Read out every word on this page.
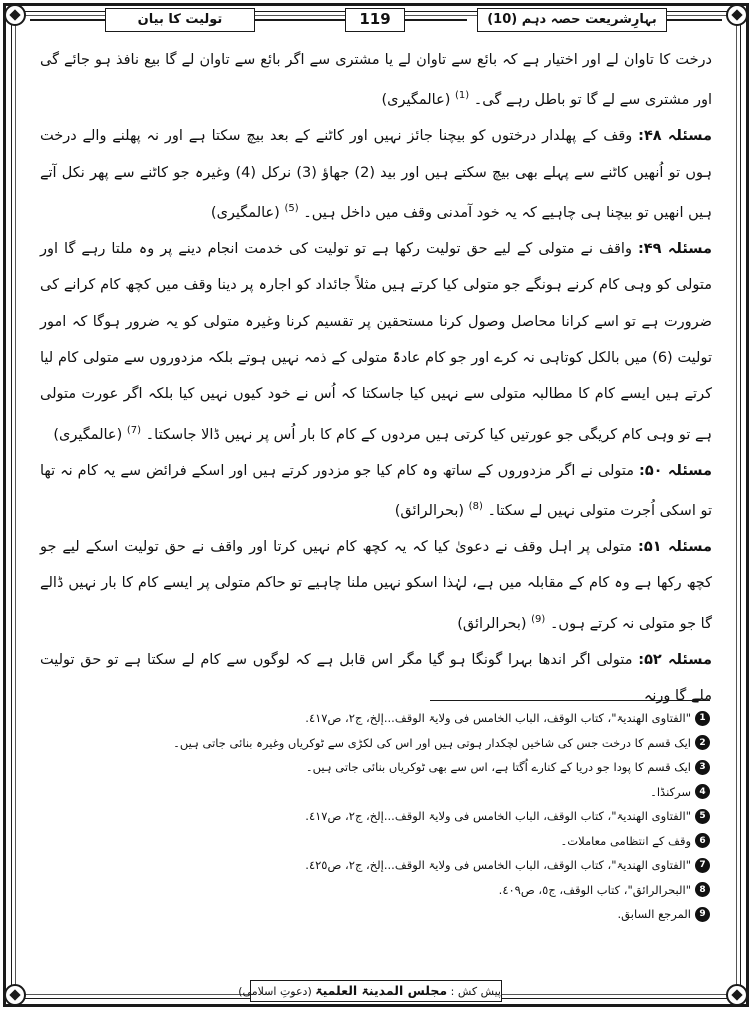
تولیت کا بیان	119	بہارِشریعت حصہ دہم (10)

درخت کا تاوان لے اور اختیار ہے کہ بائع سے تاوان لے یا مشتری سے اگر بائع سے تاوان لے گا بیع نافذ ہو جائے گی اور مشتری سے لے گا تو باطل رہے گی۔ $^{(1)}$ (عالمگیری)

مسئلہ ۴۸: وقف کے پھلدار درختوں کو بیچنا جائز نہیں اور کاٹنے کے بعد بیچ سکتا ہے اور نہ پھلنے والے درخت ہوں تو اُنھیں کاٹنے سے پہلے بھی بیچ سکتے ہیں اور بید (2) جھاؤ (3) نرکل (4) وغیرہ جو کاٹنے سے پھر نکل آتے ہیں انھیں تو بیچنا ہی چاہیے کہ یہ خود آمدنی وقف میں داخل ہیں۔ $^{(5)}$ (عالمگیری)

مسئلہ ۴۹: واقف نے متولی کے لیے حق تولیت رکھا ہے تو تولیت کی خدمت انجام دینے پر وہ ملتا رہے گا اور متولی کو وہی کام کرنے ہونگے جو متولی کیا کرتے ہیں مثلاً جائداد کو اجارہ پر دینا وقف میں کچھ کام کرانے کی ضرورت ہے تو اسے کرانا محاصل وصول کرنا مستحقین پر تقسیم کرنا وغیرہ متولی کو یہ ضرور ہوگا کہ امور تولیت (6) میں بالکل کوتاہی نہ کرے اور جو کام عادۃً متولی کے ذمہ نہیں ہوتے بلکہ مزدوروں سے متولی کام لیا کرتے ہیں ایسے کام کا مطالبہ متولی سے نہیں کیا جاسکتا کہ اُس نے خود کیوں نہیں کیا بلکہ اگر عورت متولی ہے تو وہی کام کریگی جو عورتیں کیا کرتی ہیں مردوں کے کام کا بار اُس پر نہیں ڈالا جاسکتا۔ $^{(7)}$ (عالمگیری)

مسئلہ ۵۰: متولی نے اگر مزدوروں کے ساتھ وہ کام کیا جو مزدور کرتے ہیں اور اسکے فرائض سے یہ کام نہ تھا تو اسکی اُجرت متولی نہیں لے سکتا۔ $^{(8)}$ (بحرالرائق)

مسئلہ ۵۱: متولی پر اہل وقف نے دعویٰ کیا کہ یہ کچھ کام نہیں کرتا اور واقف نے حق تولیت اسکے لیے جو کچھ رکھا ہے وہ کام کے مقابلہ میں ہے، لہٰذا اسکو نہیں ملنا چاہیے تو حاکم متولی پر ایسے کام کا بار نہیں ڈالے گا جو متولی نہ کرتے ہوں۔ $^{(9)}$ (بحرالرائق)

مسئلہ ۵۲: متولی اگر اندھا بہرا گونگا ہو گیا مگر اس قابل ہے کہ لوگوں سے کام لے سکتا ہے تو حق تولیت ملے گا ورنہ

1
"الفتاوی الھندیۃ"، کتاب الوقف، الباب الخامس فی ولایۃ الوقف...إلخ، ج٢، ص٤١٧.
2
ایک قسم کا درخت جس کی شاخیں لچکدار ہوتی ہیں اور اس کی لکڑی سے ٹوکریاں وغیرہ بنائی جاتی ہیں۔
3
ایک قسم کا پودا جو دریا کے کنارے اُگتا ہے، اس سے بھی ٹوکریاں بنائی جاتی ہیں۔
4
سرکنڈا۔
5
"الفتاوی الھندیۃ"، کتاب الوقف، الباب الخامس فی ولایۃ الوقف...إلخ، ج٢، ص٤١٧.
6
وقف کے انتظامی معاملات۔
7
"الفتاوی الھندیۃ"، کتاب الوقف، الباب الخامس فی ولایۃ الوقف...إلخ، ج٢، ص٤٢٥.
8
"البحرالرائق"، کتاب الوقف، ج٥، ص٤٠٩.
9
المرجع السابق.
پیش کش : مجلس المدینۃ العلمیۃ (دعوتِ اسلامی)
